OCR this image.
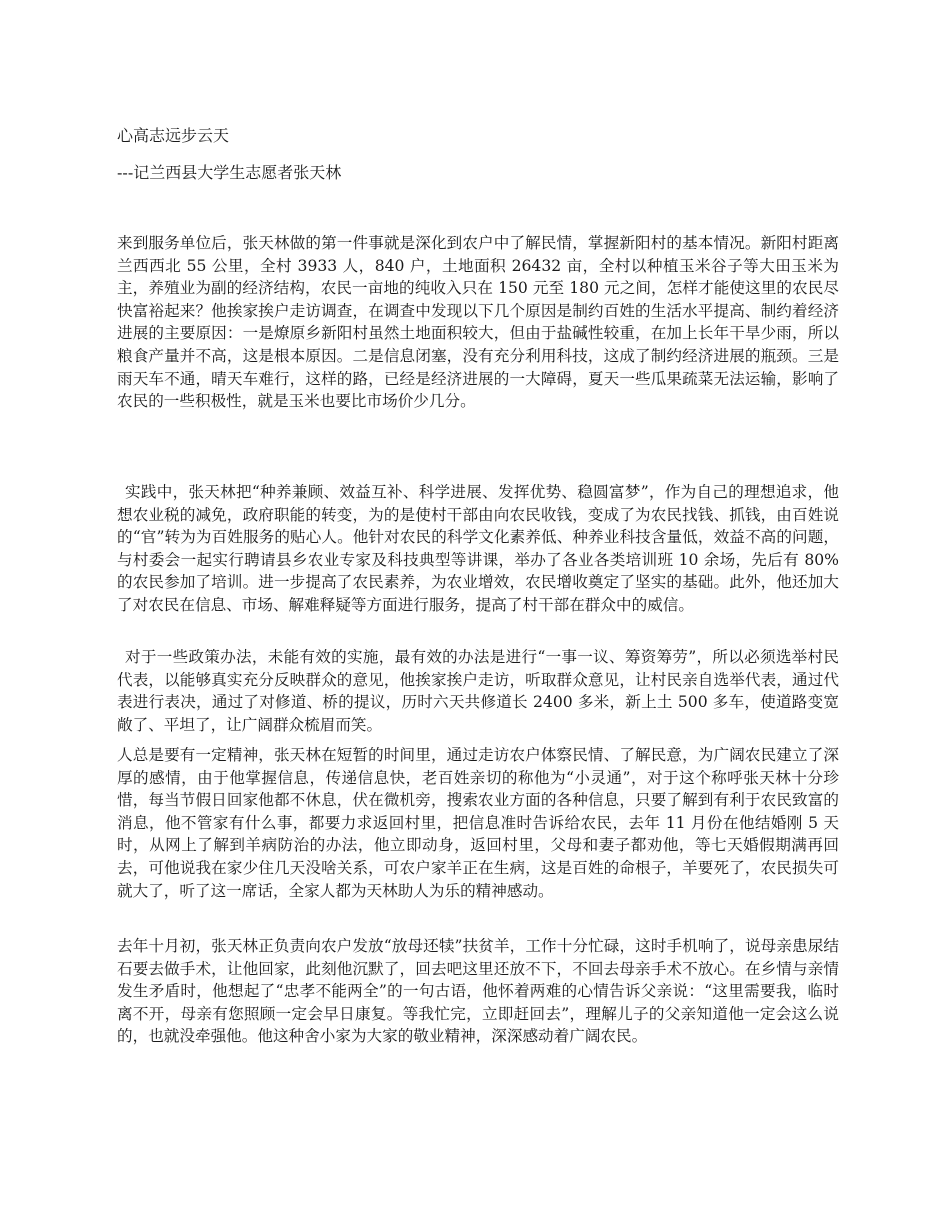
心高志远步云天
---记兰西县大学生志愿者张天林

来到服务单位后，张天林做的第一件事就是深化到农户中了解民情，掌握新阳村的基本情况。新阳村距离兰西西北 55 公里，全村 3933 人，840 户，土地面积 26432 亩，全村以种植玉米谷子等大田玉米为主，养殖业为副的经济结构，农民一亩地的纯收入只在 150 元至 180 元之间，怎样才能使这里的农民尽快富裕起来？他挨家挨户走访调查，在调查中发现以下几个原因是制约百姓的生活水平提高、制约着经济进展的主要原因：一是燎原乡新阳村虽然土地面积较大，但由于盐碱性较重，在加上长年干旱少雨，所以粮食产量并不高，这是根本原因。二是信息闭塞，没有充分利用科技，这成了制约经济进展的瓶颈。三是雨天车不通，晴天车难行，这样的路，已经是经济进展的一大障碍，夏天一些瓜果疏菜无法运输，影响了农民的一些积极性，就是玉米也要比市场价少几分。

实践中，张天林把“种养兼顾、效益互补、科学进展、发挥优势、稳圆富梦”，作为自己的理想追求，他想农业税的减免，政府职能的转变，为的是使村干部由向农民收钱，变成了为农民找钱、抓钱，由百姓说的“官”转为为百姓服务的贴心人。他针对农民的科学文化素养低、种养业科技含量低，效益不高的问题，与村委会一起实行聘请县乡农业专家及科技典型等讲课，举办了各业各类培训班 10 余场，先后有 80%的农民参加了培训。进一步提高了农民素养，为农业增效，农民增收奠定了坚实的基础。此外，他还加大了对农民在信息、市场、解难释疑等方面进行服务，提高了村干部在群众中的威信。

对于一些政策办法，未能有效的实施，最有效的办法是进行“一事一议、筹资筹劳”，所以必须选举村民代表，以能够真实充分反映群众的意见，他挨家挨户走访，听取群众意见，让村民亲自选举代表，通过代表进行表决，通过了对修道、桥的提议，历时六天共修道长 2400 多米，新上土 500 多车，使道路变宽敞了、平坦了，让广阔群众梳眉而笑。

人总是要有一定精神，张天林在短暂的时间里，通过走访农户体察民情、了解民意，为广阔农民建立了深厚的感情，由于他掌握信息，传递信息快，老百姓亲切的称他为“小灵通”，对于这个称呼张天林十分珍惜，每当节假日回家他都不休息，伏在微机旁，搜索农业方面的各种信息，只要了解到有利于农民致富的消息，他不管家有什么事，都要力求返回村里，把信息准时告诉给农民，去年 11 月份在他结婚刚 5 天时，从网上了解到羊病防治的办法，他立即动身，返回村里，父母和妻子都劝他，等七天婚假期满再回去，可他说我在家少住几天没啥关系，可农户家羊正在生病，这是百姓的命根子，羊要死了，农民损失可就大了，听了这一席话，全家人都为天林助人为乐的精神感动。

去年十月初，张天林正负责向农户发放“放母还犊”扶贫羊，工作十分忙碌，这时手机响了，说母亲患尿结石要去做手术，让他回家，此刻他沉默了，回去吧这里还放不下，不回去母亲手术不放心。在乡情与亲情发生矛盾时，他想起了“忠孝不能两全”的一句古语，他怀着两难的心情告诉父亲说：“这里需要我，临时离不开，母亲有您照顾一定会早日康复。等我忙完，立即赶回去”，理解儿子的父亲知道他一定会这么说的，也就没牵强他。他这种舍小家为大家的敬业精神，深深感动着广阔农民。
